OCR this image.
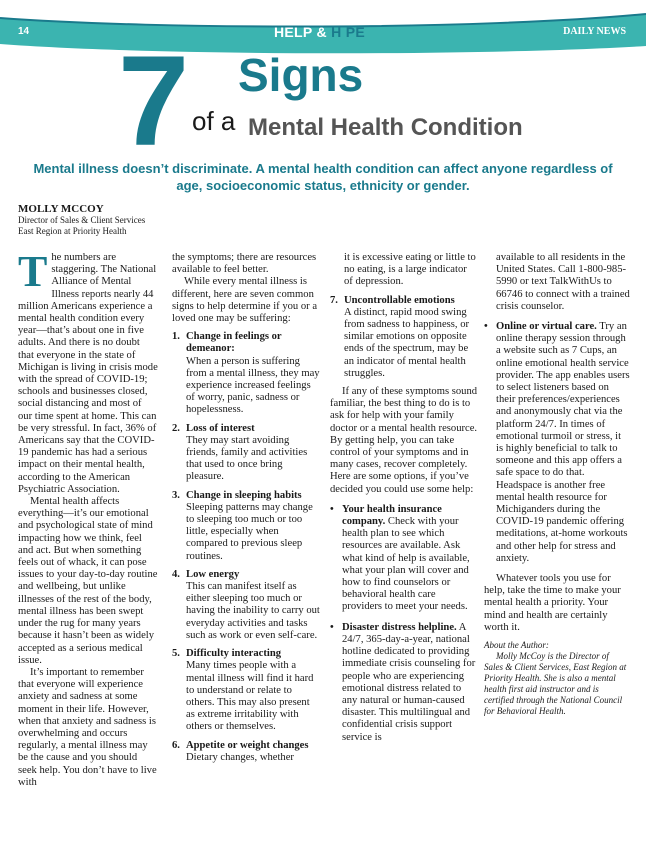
14	HELP & H PE	DAILY NEWS
7 Signs
of a Mental Health Condition
Mental illness doesn’t discriminate. A mental health condition can affect anyone regardless of age, socioeconomic status, ethnicity or gender.
MOLLY MCCOY
Director of Sales & Client Services
East Region at Priority Health

The numbers are staggering. The National Alliance of Mental Illness reports nearly 44 million Americans experience a mental health condition every year—that’s about one in five adults. And there is no doubt that everyone in the state of Michigan is living in crisis mode with the spread of COVID-19; schools and businesses closed, social distancing and most of our time spent at home. This can be very stressful. In fact, 36% of Americans say that the COVID-19 pandemic has had a serious impact on their mental health, according to the American Psychiatric Association.

Mental health affects everything—it’s our emotional and psychological state of mind impacting how we think, feel and act. But when something feels out of whack, it can pose issues to your day-to-day routine and wellbeing, but unlike illnesses of the rest of the body, mental illness has been swept under the rug for many years because it hasn’t been as widely accepted as a serious medical issue.

It’s important to remember that everyone will experience anxiety and sadness at some moment in their life. However, when that anxiety and sadness is overwhelming and occurs regularly, a mental illness may be the cause and you should seek help. You don’t have to live with

the symptoms; there are resources available to feel better.

While every mental illness is different, here are seven common signs to help determine if you or a loved one may be suffering:

1. Change in feelings or demeanor:
When a person is suffering from a mental illness, they may experience increased feelings of worry, panic, sadness or hopelessness.
2. Loss of interest
They may start avoiding friends, family and activities that used to once bring pleasure.
3. Change in sleeping habits
Sleeping patterns may change to sleeping too much or too little, especially when compared to previous sleep routines.
4. Low energy
This can manifest itself as either sleeping too much or having the inability to carry out everyday activities and tasks such as work or even self-care.
5. Difficulty interacting
Many times people with a mental illness will find it hard to understand or relate to others. This may also present as extreme irritability with others or themselves.
6. Appetite or weight changes
Dietary changes, whether

it is excessive eating or little to no eating, is a large indicator of depression.

7. Uncontrollable emotions
A distinct, rapid mood swing from sadness to happiness, or similar emotions on opposite ends of the spectrum, may be an indicator of mental health struggles.

If any of these symptoms sound familiar, the best thing to do is to ask for help with your family doctor or a mental health resource. By getting help, you can take control of your symptoms and in many cases, recover completely. Here are some options, if you’ve decided you could use some help:

• Your health insurance company. Check with your health plan to see which resources are available. Ask what kind of help is available, what your plan will cover and how to find counselors or behavioral health care providers to meet your needs.
• Disaster distress helpline. A 24/7, 365-day-a-year, national hotline dedicated to providing immediate crisis counseling for people who are experiencing emotional distress related to any natural or human-caused disaster. This multilingual and confidential crisis support service is

available to all residents in the United States. Call 1-800-985-5990 or text TalkWithUs to 66746 to connect with a trained crisis counselor.

• Online or virtual care. Try an online therapy session through a website such as 7 Cups, an online emotional health service provider. The app enables users to select listeners based on their preferences/experiences and anonymously chat via the platform 24/7. In times of emotional turmoil or stress, it is highly beneficial to talk to someone and this app offers a safe space to do that. Headspace is another free mental health resource for Michiganders during the COVID-19 pandemic offering meditations, at-home workouts and other help for stress and anxiety.

Whatever tools you use for help, take the time to make your mental health a priority. Your mind and health are certainly worth it.

About the Author:

Molly McCoy is the Director of Sales & Client Services, East Region at Priority Health. She is also a mental health first aid instructor and is certified through the National Council for Behavioral Health.
